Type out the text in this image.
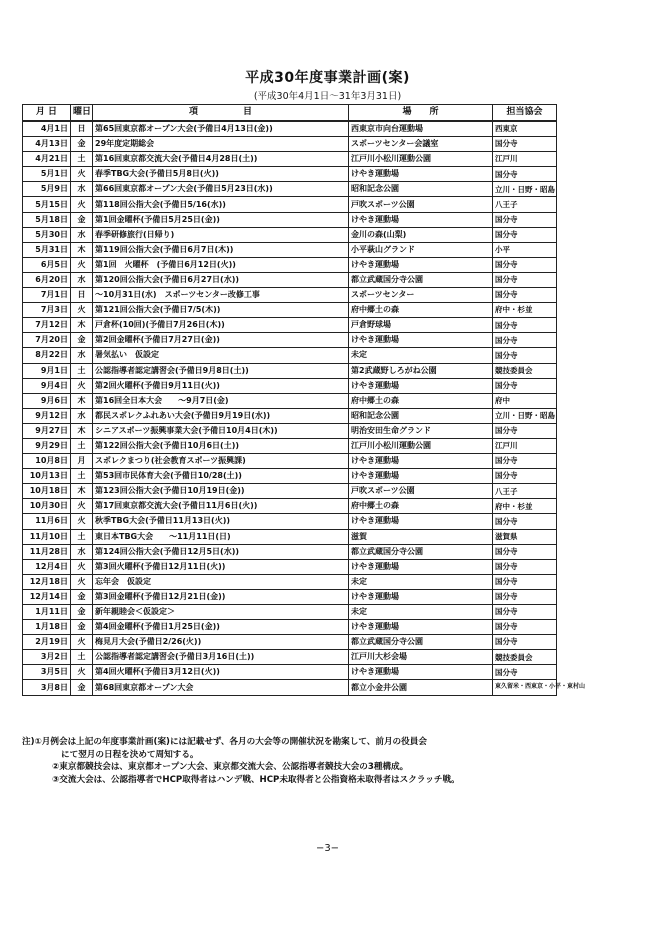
平成30年度事業計画(案)
(平成30年4月1日～31年3月31日)
月 日	曜日	項　　　　　目	場　　所	担当協会
4月1日	日	第65回東京都オープン大会(予備日4月13日(金))	西東京市向台運動場	西東京
4月13日	金	29年度定期総会	スポーツセンター会議室	国分寺
4月21日	土	第16回東京都交流大会(予備日4月28日(土))	江戸川小松川運動公園	江戸川
5月1日	火	春季TBG大会(予備日5月8日(火))	けやき運動場	国分寺
5月9日	水	第66回東京都オープン大会(予備日5月23日(水))	昭和記念公園	立川・日野・昭島
5月15日	火	第118回公指大会(予備日5/16(水))	戸吹スポーツ公園	八王子
5月18日	金	第1回金曜杯(予備日5月25日(金))	けやき運動場	国分寺
5月30日	水	春季研修旅行(日帰り)	金川の森(山梨)	国分寺
5月31日	木	第119回公指大会(予備日6月7日(木))	小平萩山グランド	小平
6月5日	火	第1回　火曜杯　(予備日6月12日(火))	けやき運動場	国分寺
6月20日	水	第120回公指大会(予備日6月27日(水))	都立武蔵国分寺公園	国分寺
7月1日	日	～10月31日(水)　スポーツセンター改修工事	スポーツセンター	国分寺
7月3日	火	第121回公指大会(予備日7/5(木))	府中郷土の森	府中・杉並
7月12日	木	戸倉杯(10回)(予備日7月26日(木))	戸倉野球場	国分寺
7月20日	金	第2回金曜杯(予備日7月27日(金))	けやき運動場	国分寺
8月22日	水	暑気払い　仮設定	未定	国分寺
9月1日	土	公認指導者認定講習会(予備日9月8日(土))	第2武蔵野しろがね公園	競技委員会
9月4日	火	第2回火曜杯(予備日9月11日(火))	けやき運動場	国分寺
9月6日	木	第16回全日本大会　　～9月7日(金)	府中郷土の森	府中
9月12日	水	都民スポレクふれあい大会(予備日9月19日(水))	昭和記念公園	立川・日野・昭島
9月27日	木	シニアスポーツ振興事業大会(予備日10月4日(木))	明治安田生命グランド	国分寺
9月29日	土	第122回公指大会(予備日10月6日(土))	江戸川小松川運動公園	江戸川
10月8日	月	スポレクまつり(社会教育スポーツ振興課)	けやき運動場	国分寺
10月13日	土	第53回市民体育大会(予備日10/28(土))	けやき運動場	国分寺
10月18日	木	第123回公指大会(予備日10月19日(金))	戸吹スポーツ公園	八王子
10月30日	火	第17回東京都交流大会(予備日11月6日(火))	府中郷土の森	府中・杉並
11月6日	火	秋季TBG大会(予備日11月13日(火))	けやき運動場	国分寺
11月10日	土	東日本TBG大会　　～11月11日(日)	滋賀	滋賀県
11月28日	水	第124回公指大会(予備日12月5日(水))	都立武蔵国分寺公園	国分寺
12月4日	火	第3回火曜杯(予備日12月11日(火))	けやき運動場	国分寺
12月18日	火	忘年会　仮設定	未定	国分寺
12月14日	金	第3回金曜杯(予備日12月21日(金))	けやき運動場	国分寺
1月11日	金	新年親睦会＜仮設定＞	未定	国分寺
1月18日	金	第4回金曜杯(予備日1月25日(金))	けやき運動場	国分寺
2月19日	火	梅見月大会(予備日2/26(火))	都立武蔵国分寺公園	国分寺
3月2日	土	公認指導者認定講習会(予備日3月16日(土))	江戸川大杉会場	競技委員会
3月5日	火	第4回火曜杯(予備日3月12日(火))	けやき運動場	国分寺
3月8日	金	第68回東京都オープン大会	都立小金井公園	東久留米・西東京・小平・東村山
注)①月例会は上記の年度事業計画(案)には記載せず、各月の大会等の開催状況を勘案して、前月の役員会
にて翌月の日程を決めて周知する。
②東京都競技会は、東京都オープン大会、東京都交流大会、公認指導者競技大会の3種構成。
③交流大会は、公認指導者でHCP取得者はハンデ戦、HCP未取得者と公指資格未取得者はスクラッチ戦。
−3−
